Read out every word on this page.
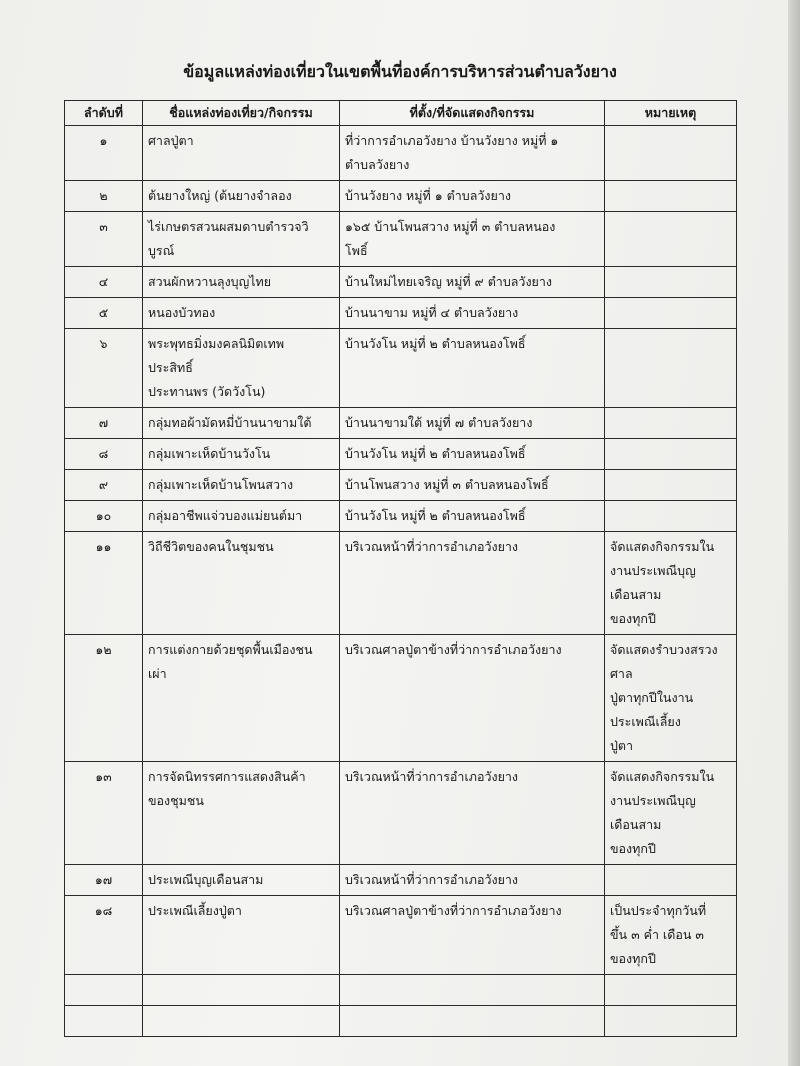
ข้อมูลแหล่งท่องเที่ยวในเขตพื้นที่องค์การบริหารส่วนตำบลวังยาง
ลำดับที่	ชื่อแหล่งท่องเที่ยว/กิจกรรม	ที่ตั้ง/ที่จัดแสดงกิจกรรม	หมายเหตุ
๑	ศาลปู่ตา	ที่ว่าการอำเภอวังยาง บ้านวังยาง หมู่ที่ ๑
ตำบลวังยาง	

๒	ต้นยางใหญ่ (ต้นยางจำลอง	บ้านวังยาง หมู่ที่ ๑ ตำบลวังยาง	

๓	ไร่เกษตรสวนผสมดาบตำรวจวิ
บูรณ์	๑๖๕ บ้านโพนสวาง หมู่ที่ ๓ ตำบลหนอง
โพธิ์	

๔	สวนผักหวานลุงบุญไทย	บ้านใหม่ไทยเจริญ หมู่ที่ ๙ ตำบลวังยาง	

๕	หนองบัวทอง	บ้านนาขาม หมู่ที่ ๔ ตำบลวังยาง	

๖	พระพุทธมิ่งมงคลนิมิตเทพ
ประสิทธิ์
ประทานพร (วัดวังโน)	บ้านวังโน หมู่ที่ ๒ ตำบลหนองโพธิ์	

๗	กลุ่มทอผ้ามัดหมี่บ้านนาขามใต้	บ้านนาขามใต้ หมู่ที่ ๗ ตำบลวังยาง	

๘	กลุ่มเพาะเห็ดบ้านวังโน	บ้านวังโน หมู่ที่ ๒ ตำบลหนองโพธิ์	

๙	กลุ่มเพาะเห็ดบ้านโพนสวาง	บ้านโพนสวาง หมู่ที่ ๓ ตำบลหนองโพธิ์	

๑๐	กลุ่มอาชีพแจ่วบองแม่ยนต์มา	บ้านวังโน หมู่ที่ ๒ ตำบลหนองโพธิ์	

๑๑	วิถีชีวิตของคนในชุมชน	บริเวณหน้าที่ว่าการอำเภอวังยาง	จัดแสดงกิจกรรมใน
งานประเพณีบุญ
เดือนสาม
ของทุกปี

๑๒	การแต่งกายด้วยชุดพื้นเมืองชน
เผ่า	บริเวณศาลปู่ตาข้างที่ว่าการอำเภอวังยาง	จัดแสดงรำบวงสรวง
ศาล
ปู่ตาทุกปีในงาน
ประเพณีเลี้ยง
ปู่ตา

๑๓	การจัดนิทรรศการแสดงสินค้า
ของชุมชน	บริเวณหน้าที่ว่าการอำเภอวังยาง	จัดแสดงกิจกรรมใน
งานประเพณีบุญ
เดือนสาม
ของทุกปี

๑๗	ประเพณีบุญเดือนสาม	บริเวณหน้าที่ว่าการอำเภอวังยาง	

๑๘	ประเพณีเลี้ยงปู่ตา	บริเวณศาลปู่ตาข้างที่ว่าการอำเภอวังยาง	เป็นประจำทุกวันที่
ขึ้น ๓ ค่ำ เดือน ๓
ของทุกปี
